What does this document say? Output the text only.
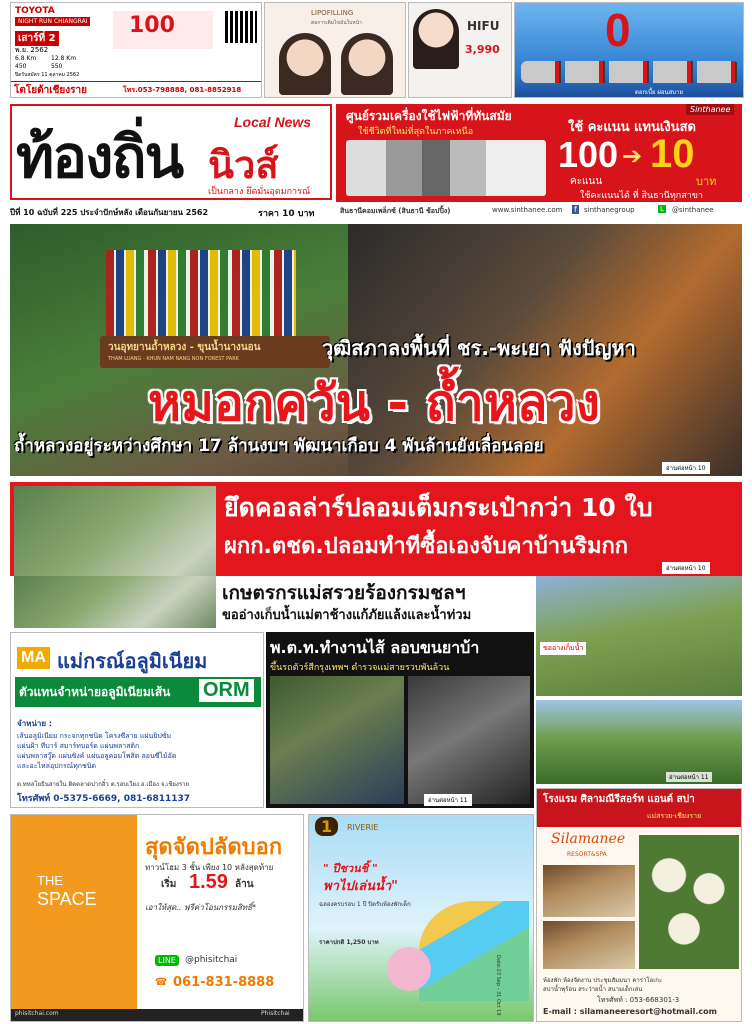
TOYOTA
NIGHT RUN CHIANGRAI
เสาร์ที่ 2
พ.ย. 2562
6.8 Km 12.8 Km
450	550
ปิดรับสมัคร 11 ตุลาคม 2562
100
โตโยต้าเชียงราย	โทร.053-798888, 081-8852918
LIPOFILLING
ต่อการเติมไขมันใบหน้า	HIFU
3,990 0
ดอกเบี้ย ผ่อนสบาย
ท้องถิ่น นิวส์
Local News
เป็นกลาง ยึดมั่นอุดมการณ์
ศูนย์รวมเครื่องใช้ไฟฟ้าที่ทันสมัย
ใช้ชีวิตที่ใหม่ที่สุดในภาคเหนือ
Sinthanee
ใช้ คะแนน แทนเงินสด
100
คะแนน
➔ 10
บาท
ใช้คะแนนได้ ที่ สินธานีทุกสาขา
สินธานีคอมเพล็กซ์ (สินธานี ช้อปปิ้ง)	www.sinthanee.com f sinthanegroup	L @sinthanee
ปีที่ 10 ฉบับที่ 225 ประจำปักษ์หลัง เดือนกันยายน 2562	ราคา 10 บาท
วนอุทยานถ้ำหลวง - ขุนน้ำนางนอน
THAM LUANG - KHUN NAM NANG NON FOREST PARK	วุฒิสภาลงพื้นที่ ชร.-พะเยา ฟังปัญหา
หมอกควัน - ถ้ำหลวง
ถ้ำหลวงอยู่ระหว่างศึกษา 17 ล้านงบฯ พัฒนาเกือบ 4 พันล้านยังเลื่อนลอย
อ่านต่อหน้า 10
ยึดคอลล่าร์ปลอมเต็มกระเป๋ากว่า 10 ใบ
ผกก.ตชด.ปลอมทำทีซื้อเองจับคาบ้านริมกก
อ่านต่อหน้า 10
เกษตรกรแม่สรวยร้องกรมชลฯ
ขออ่างเก็บน้ำแม่ตาช้างแก้ภัยแล้งและน้ำท่วม
ขออ่างเก็บน้ำ
อ่านต่อหน้า 11
MA แม่กรณ์อลูมิเนียม
ตัวแทนจำหน่ายอลูมิเนียมเส้น ORM
จำหน่าย :
เส้นอลูมิเนียม กระจกทุกชนิด โครงซีลาย แผ่นยิปซั่ม
แผ่นฝ้า ทีบาร์ สมาร์ทบอร์ด แผ่นพลาสติก
แผ่นพลาสวู๊ด แผ่นซิงค์ แผ่นอลูคอมโพสิต ลอนซีไม้อัด
และอะไหล่อุปกรณ์ทุกชนิด
ต.ทหลโยธินสายใน ติดตลาดปากอิ๋ว ต.รอบเวียง อ.เมือง จ.เชียงราย
โทรศัพท์ 0-5375-6669, 081-6811137
พ.ต.ท.ทำงานไส้ ลอบขนยาบ้า
ขึ้นรถตัวร์สีกรุงเทพฯ ตำรวจแม่สายรวบพันล้วน
อ่านต่อหน้า 11
THE
SPACE
สุดจัดปลัดบอก
ทาวน์โฮม 3 ชั้น เพียง 10 หลังสุดท้าย
เริ่ม 1.59 ล้าน
เอาให้สุด.. ฟรีค่าโอนกรรมสิทธิ์*
LINE	@phisitchai
☎ 061-831-8888
phisitchai.com	Phisitchai
1	RIVERIE
" ปีชวนชิ้ "
พาไปเล่นน้ำ"
ฉลองครบรอบ 1 ปี ปิดรับห้องพักเด็ก
ราคาปกติ 1,250 บาท
Date:23 Sep - 31 Oct 19
โรงแรม ศิลามณีรีสอร์ท แอนด์ สปา
แม่สรวย-เชียงราย
Silamanee
RESORT&SPA
ห้องพัก ห้องจัดงาน ประชุมสัมมนา คาราโอเกะ
สปาน้ำพุร้อน สระว่ายน้ำ สนามเด็กเล่น
โทรศัพท์ : 053-668301-3
E-mail : silamaneeresort@hotmail.com
